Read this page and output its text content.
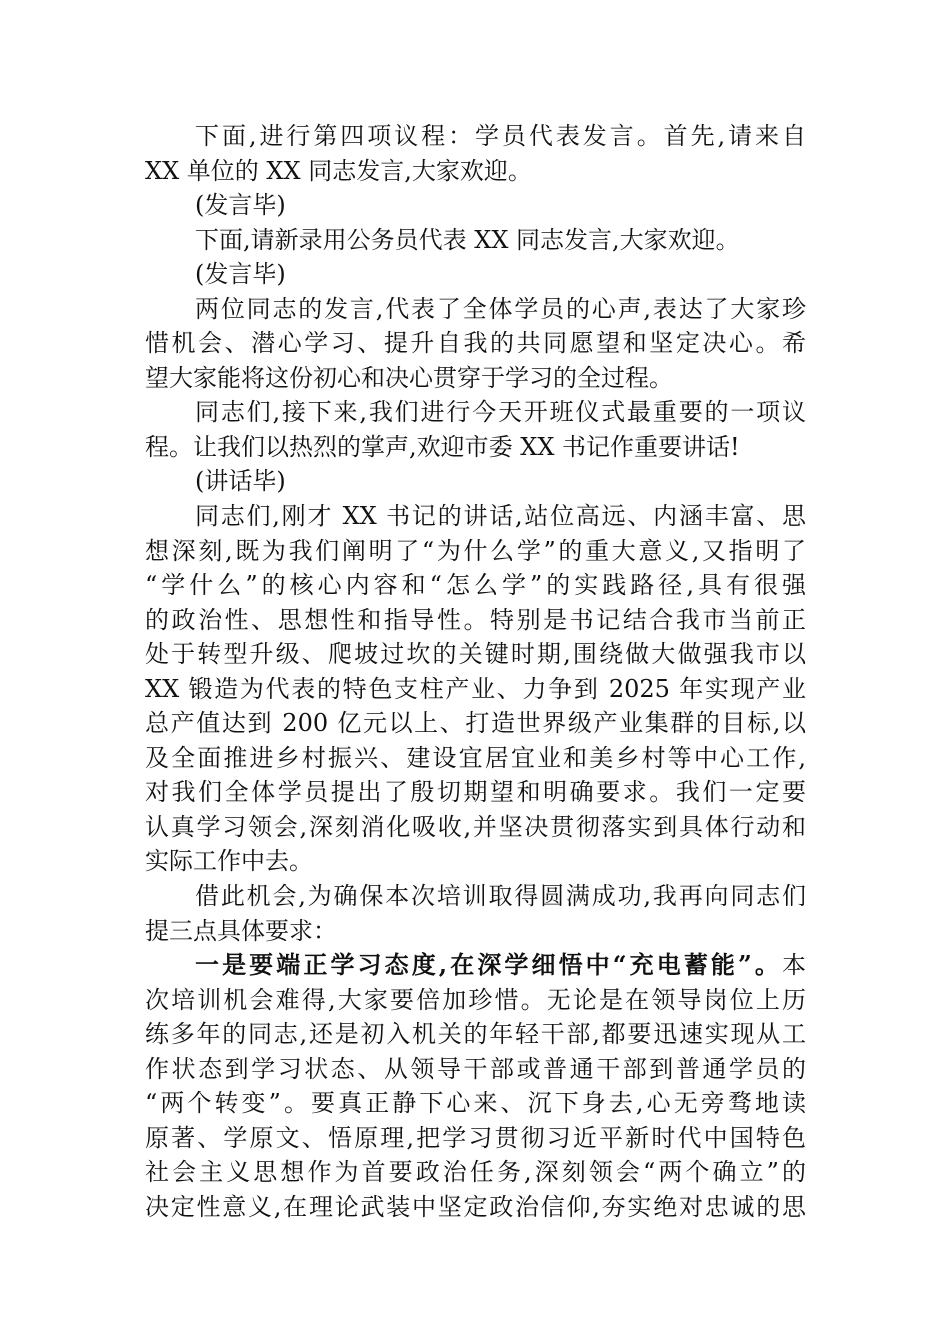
下面,进行第四项议程：学员代表发言。首先,请来自
XX 单位的 XX 同志发言,大家欢迎。
(发言毕)
下面,请新录用公务员代表 XX 同志发言,大家欢迎。
(发言毕)
两位同志的发言,代表了全体学员的心声,表达了大家珍
惜机会、潜心学习、提升自我的共同愿望和坚定决心。希
望大家能将这份初心和决心贯穿于学习的全过程。
同志们,接下来,我们进行今天开班仪式最重要的一项议
程。让我们以热烈的掌声,欢迎市委 XX 书记作重要讲话!
(讲话毕)
同志们,刚才 XX 书记的讲话,站位高远、内涵丰富、思
想深刻,既为我们阐明了“为什么学”的重大意义,又指明了
“学什么”的核心内容和“怎么学”的实践路径,具有很强
的政治性、思想性和指导性。特别是书记结合我市当前正
处于转型升级、爬坡过坎的关键时期,围绕做大做强我市以
XX 锻造为代表的特色支柱产业、力争到 2025 年实现产业
总产值达到 200 亿元以上、打造世界级产业集群的目标,以
及全面推进乡村振兴、建设宜居宜业和美乡村等中心工作,
对我们全体学员提出了殷切期望和明确要求。我们一定要
认真学习领会,深刻消化吸收,并坚决贯彻落实到具体行动和
实际工作中去。
借此机会,为确保本次培训取得圆满成功,我再向同志们
提三点具体要求：
一是要端正学习态度,在深学细悟中“充电蓄能”。本
次培训机会难得,大家要倍加珍惜。无论是在领导岗位上历
练多年的同志,还是初入机关的年轻干部,都要迅速实现从工
作状态到学习状态、从领导干部或普通干部到普通学员的
“两个转变”。要真正静下心来、沉下身去,心无旁骛地读
原著、学原文、悟原理,把学习贯彻习近平新时代中国特色
社会主义思想作为首要政治任务,深刻领会“两个确立”的
决定性意义,在理论武装中坚定政治信仰,夯实绝对忠诚的思
